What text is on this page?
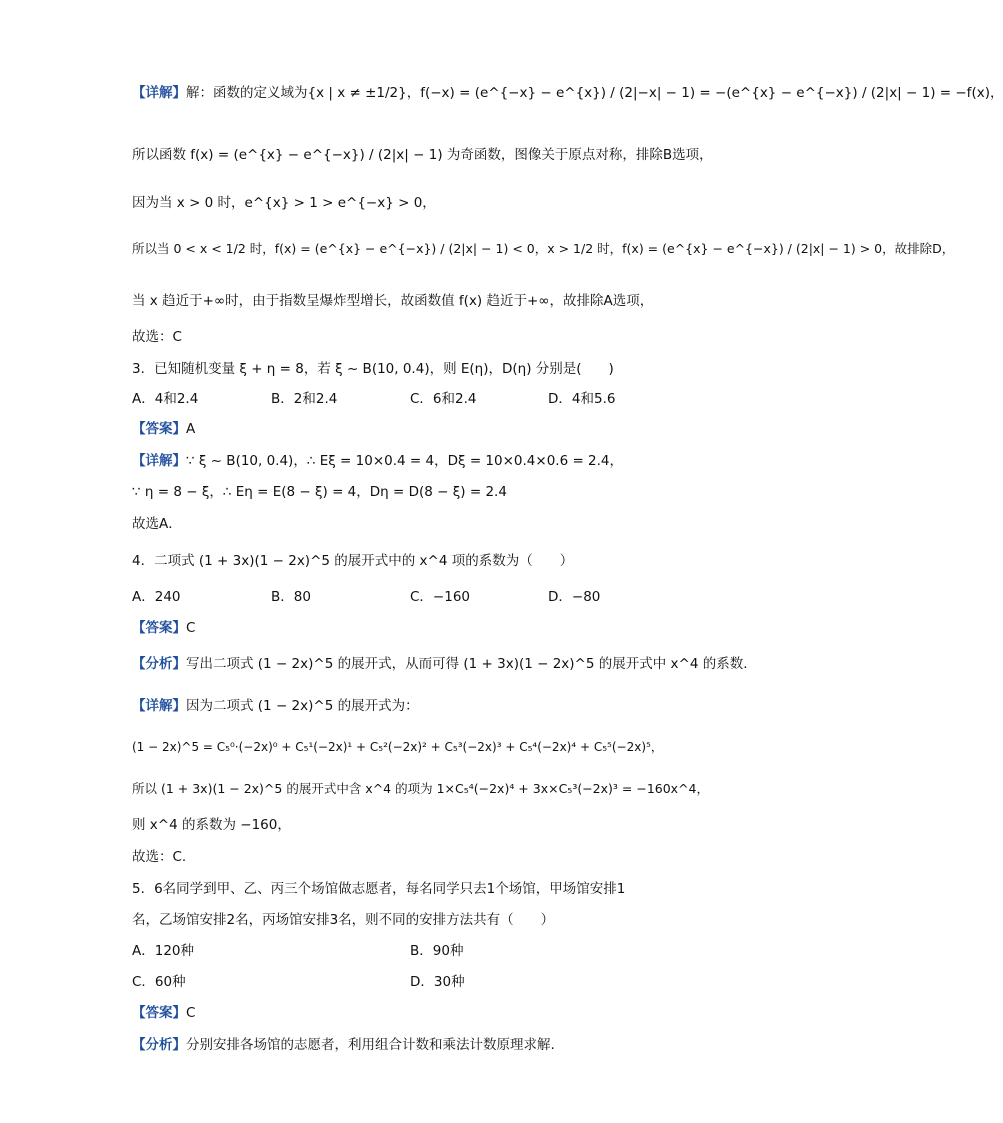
【详解】解：函数的定义域为{x | x ≠ ±1/2}，f(−x) = (e^{−x} − e^{x}) / (2|−x| − 1) = −(e^{x} − e^{−x}) / (2|x| − 1) = −f(x)，
所以函数 f(x) = (e^{x} − e^{−x}) / (2|x| − 1) 为奇函数，图像关于原点对称，排除B选项，
因为当 x > 0 时，e^{x} > 1 > e^{−x} > 0，
所以当 0 < x < 1/2 时，f(x) = (e^{x} − e^{−x}) / (2|x| − 1) < 0，x > 1/2 时，f(x) = (e^{x} − e^{−x}) / (2|x| − 1) > 0，故排除D，
当 x 趋近于+∞时，由于指数呈爆炸型增长，故函数值 f(x) 趋近于+∞，故排除A选项，
故选：C
3．已知随机变量 ξ + η = 8，若 ξ ~ B(10, 0.4)，则 E(η)，D(η) 分别是(　　)
A．4和2.4	B．2和2.4	C．6和2.4	D．4和5.6
【答案】A
【详解】∵ ξ ~ B(10, 0.4)，∴ Eξ = 10×0.4 = 4，Dξ = 10×0.4×0.6 = 2.4，
∵ η = 8 − ξ，∴ Eη = E(8 − ξ) = 4，Dη = D(8 − ξ) = 2.4
故选A．
4．二项式 (1 + 3x)(1 − 2x)^5 的展开式中的 x^4 项的系数为（　　）
A．240	B．80	C．−160	D．−80
【答案】C
【分析】写出二项式 (1 − 2x)^5 的展开式，从而可得 (1 + 3x)(1 − 2x)^5 的展开式中 x^4 的系数.
【详解】因为二项式 (1 − 2x)^5 的展开式为：
(1 − 2x)^5 = C₅⁰·(−2x)⁰ + C₅¹(−2x)¹ + C₅²(−2x)² + C₅³(−2x)³ + C₅⁴(−2x)⁴ + C₅⁵(−2x)⁵，
所以 (1 + 3x)(1 − 2x)^5 的展开式中含 x^4 的项为 1×C₅⁴(−2x)⁴ + 3x×C₅³(−2x)³ = −160x^4，
则 x^4 的系数为 −160，
故选：C.
5．6名同学到甲、乙、丙三个场馆做志愿者，每名同学只去1个场馆，甲场馆安排1
名，乙场馆安排2名，丙场馆安排3名，则不同的安排方法共有（　　）
A．120种	B．90种
C．60种	D．30种
【答案】C
【分析】分别安排各场馆的志愿者，利用组合计数和乘法计数原理求解.
